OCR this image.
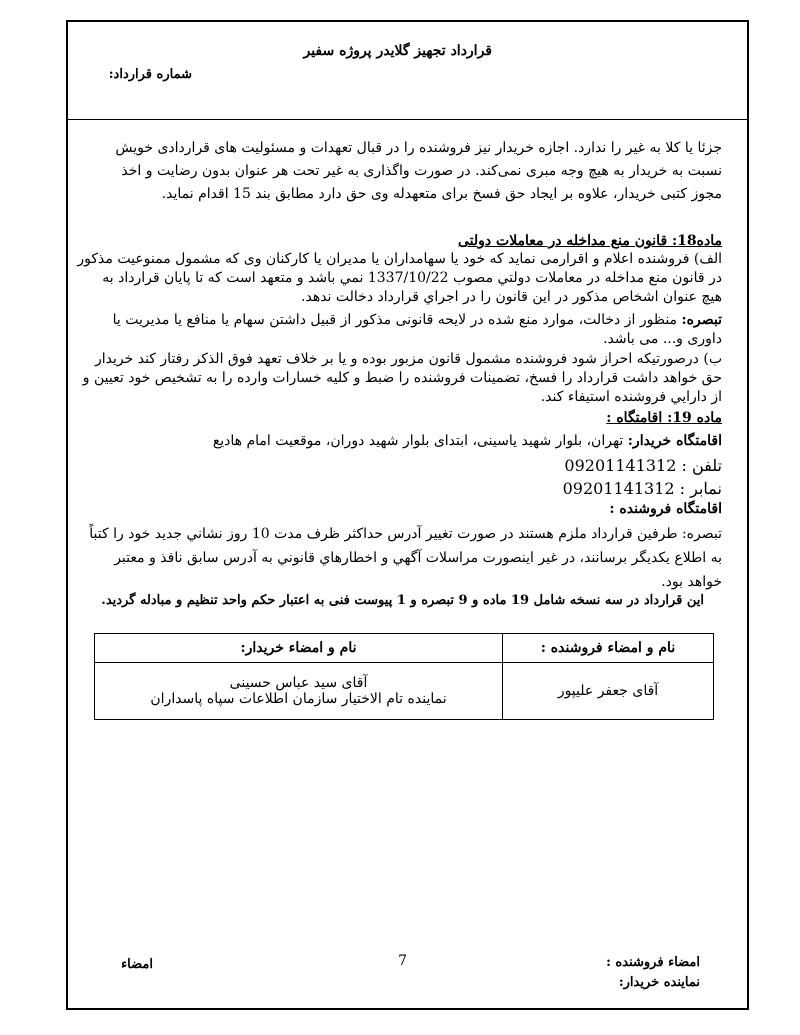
قرارداد تجهیز گلایدر پروژه سفیر
شماره قرارداد:
جزئا یا کلا به غیر را ندارد. اجازه خریدار نیز فروشنده را در قبال تعهدات و مسئولیت های قراردادی خویش
نسبت به خریدار به هیچ وجه مبری نمی‌کند. در صورت واگذاری به غیر تحت هر عنوان بدون رضایت و اخذ
مجوز کتبی خریدار، علاوه بر ایجاد حق فسخ برای متعهدله وی حق دارد مطابق بند 15 اقدام نماید.
ماده18: قانون منع مداخله در معاملات دولتی
الف) فروشنده اعلام و اقرارمی نماید که خود یا سهامداران یا مدیران یا کارکنان وی که مشمول ممنوعیت مذکور
در قانون منع مداخله در معاملات دولتي مصوب 1337/10/22 نمي باشد و متعهد است که تا پایان قرارداد به
هیچ عنوان اشخاص مذکور در این قانون را در اجراي قرارداد دخالت ندهد.
تبصره: منظور از دخالت، موارد منع شده در لایحه قانونی مذکور از قبیل داشتن سهام یا منافع یا مدیریت یا
داوری و... می باشد.
ب) درصورتیکه احراز شود فروشنده مشمول قانون مزبور بوده و یا بر خلاف تعهد فوق الذکر رفتار کند خریدار
حق خواهد داشت قرارداد را فسخ، تضمینات فروشنده را ضبط و کلیه خسارات وارده را به تشخیص خود تعیین و
از دارایي فروشنده استیفاء کند.
ماده 19: اقامتگاه :
اقامتگاه خریدار: تهران، بلوار شهید یاسینی، ابتدای بلوار شهید دوران، موقعیت امام هادیع
تلفن : 09201141312
نمابر : 09201141312
اقامتگاه فروشنده :
تبصره: طرفين قرارداد ملزم هستند در صورت تغيير آدرس حداكثر ظرف مدت 10 روز نشاني جديد خود را كتباً
به اطلاع يكديگر برسانند، در غير اينصورت مراسلات آگهي و اخطارهاي قانوني به آدرس سابق نافذ و معتبر
خواهد بود.
این قرارداد در سه نسخه شامل 19 ماده و 9 تبصره و 1 پیوست فنی به اعتبار حکم واحد تنظیم و مبادله گردید.
نام و امضاء فروشنده :	نام و امضاء خریدار:
آقای جعفر علیپور	آقای سید عباس حسینی
نماینده تام الاختیار سازمان اطلاعات سپاه پاسداران
امضاء فروشنده :
نماینده خریدار:
7
امضاء
